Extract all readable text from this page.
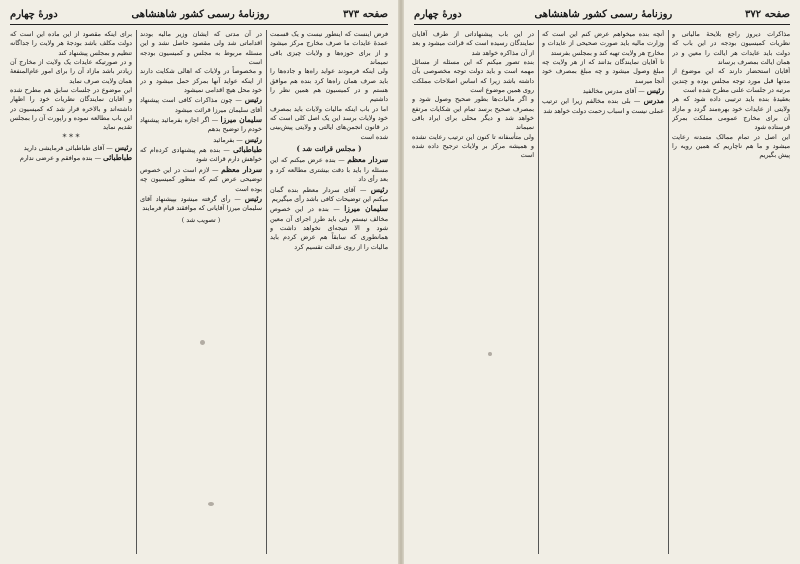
صفحه ۳۷۳
روزنامهٔ رسمی کشور شاهنشاهی
دورهٔ چهارم

فرض اینست که اینطور نیست و یک قسمت عمدهٔ عایدات ما صرف مخارج مرکز میشود و از برای حوزه‌ها و ولایات چیزی باقی نمیماند

ولی اینکه فرمودند عواید راه‌ها و جاده‌ها را باید صرف همان راه‌ها کرد بنده هم موافق هستم و در کمیسیون هم همین نظر را داشتیم

اما در باب اینکه مالیات ولایات باید بمصرف خود ولایات برسد این یک اصل کلی است که در قانون انجمن‌های ایالتی و ولایتی پیش‌بینی شده است

( مجلس قرائت شد )

سردار معظم — بنده عرض میکنم که این مسئله را باید با دقت بیشتری مطالعه کرد و بعد رأی داد

رئیس — آقای سردار معظم بنده گمان میکنم این توضیحات کافی باشد رأی میگیریم

سلیمان میرزا — بنده در این خصوص مخالف نیستم ولی باید طرز اجرای آن معین شود و الا نتیجه‌ای نخواهد داشت و همانطوری که سابقاً هم عرض کردم باید مالیات را از روی عدالت تقسیم کرد

در آن مدتی که ایشان وزیر مالیه بودند اقداماتی شد ولی مقصود حاصل نشد و این مسئله مربوط به مجلس و کمیسیون بودجه است

و مخصوصاً در ولایات که اهالی شکایت دارند از اینکه عواید آنها بمرکز حمل میشود و در خود محل هیچ اقدامی نمیشود

رئیس — چون مذاکرات کافی است پیشنهاد آقای سلیمان میرزا قرائت میشود

سلیمان میرزا — اگر اجازه بفرمائید پیشنهاد خودم را توضیح بدهم

رئیس — بفرمائید

طباطبائی — بنده هم پیشنهادی کرده‌ام که خواهش دارم قرائت شود

سردار معظم — لازم است در این خصوص توضیحی عرض کنم که منظور کمیسیون چه بوده است

رئیس — رأی گرفته میشود بپیشنهاد آقای سلیمان میرزا آقایانی که موافقند قیام فرمایند

( تصویب شد )

برای اینکه مقصود از این ماده این است که دولت مکلف باشد بودجهٔ هر ولایت را جداگانه تنظیم و بمجلس پیشنهاد کند

و در صورتیکه عایدات یک ولایت از مخارج آن زیادتر باشد مازاد آن را برای امور عام‌المنفعهٔ همان ولایت صرف نماید

این موضوع در جلسات سابق هم مطرح شده و آقایان نمایندگان نظریات خود را اظهار داشته‌اند و بالاخره قرار شد که کمیسیون در این باب مطالعه نموده و راپورت آن را بمجلس تقدیم نماید

* * *

رئیس — آقای طباطبائی فرمایشی دارید

طباطبائی — بنده موافقم و عرضی ندارم

صفحه ۳۷۲
روزنامهٔ رسمی کشور شاهنشاهی
دورهٔ چهارم

مذاکرات دیروز راجع بلایحهٔ مالیاتی و نظریات کمیسیون بودجه در این باب که دولت باید عایدات هر ایالت را معین و در همان ایالت بمصرف برساند

آقایان استحضار دارند که این موضوع از مدتها قبل مورد توجه مجلس بوده و چندین مرتبه در جلسات علنی مطرح شده است

بعقیدهٔ بنده باید ترتیبی داده شود که هر ولایتی از عایدات خود بهره‌مند گردد و مازاد آن برای مخارج عمومی مملکت بمرکز فرستاده شود

این اصل در تمام ممالک متمدنه رعایت میشود و ما هم ناچاریم که همین رویه را پیش بگیریم

آنچه بنده میخواهم عرض کنم این است که وزارت مالیه باید صورت صحیحی از عایدات و مخارج هر ولایت تهیه کند و بمجلس بفرستد

تا آقایان نمایندگان بدانند که از هر ولایت چه مبلغ وصول میشود و چه مبلغ بمصرف خود آنجا میرسد

رئیس — آقای مدرس مخالفید

مدرس — بلی بنده مخالفم زیرا این ترتیب عملی نیست و اسباب زحمت دولت خواهد شد

در این باب پیشنهاداتی از طرف آقایان نمایندگان رسیده است که قرائت میشود و بعد از آن مذاکره خواهد شد

بنده تصور میکنم که این مسئله از مسائل مهمه است و باید دولت توجه مخصوصی بآن داشته باشد زیرا که اساس اصلاحات مملکت روی همین موضوع است

و اگر مالیات‌ها بطور صحیح وصول شود و بمصرف صحیح برسد تمام این شکایات مرتفع خواهد شد و دیگر محلی برای ایراد باقی نمیماند

ولی متأسفانه تا کنون این ترتیب رعایت نشده و همیشه مرکز بر ولایات ترجیح داده شده است
